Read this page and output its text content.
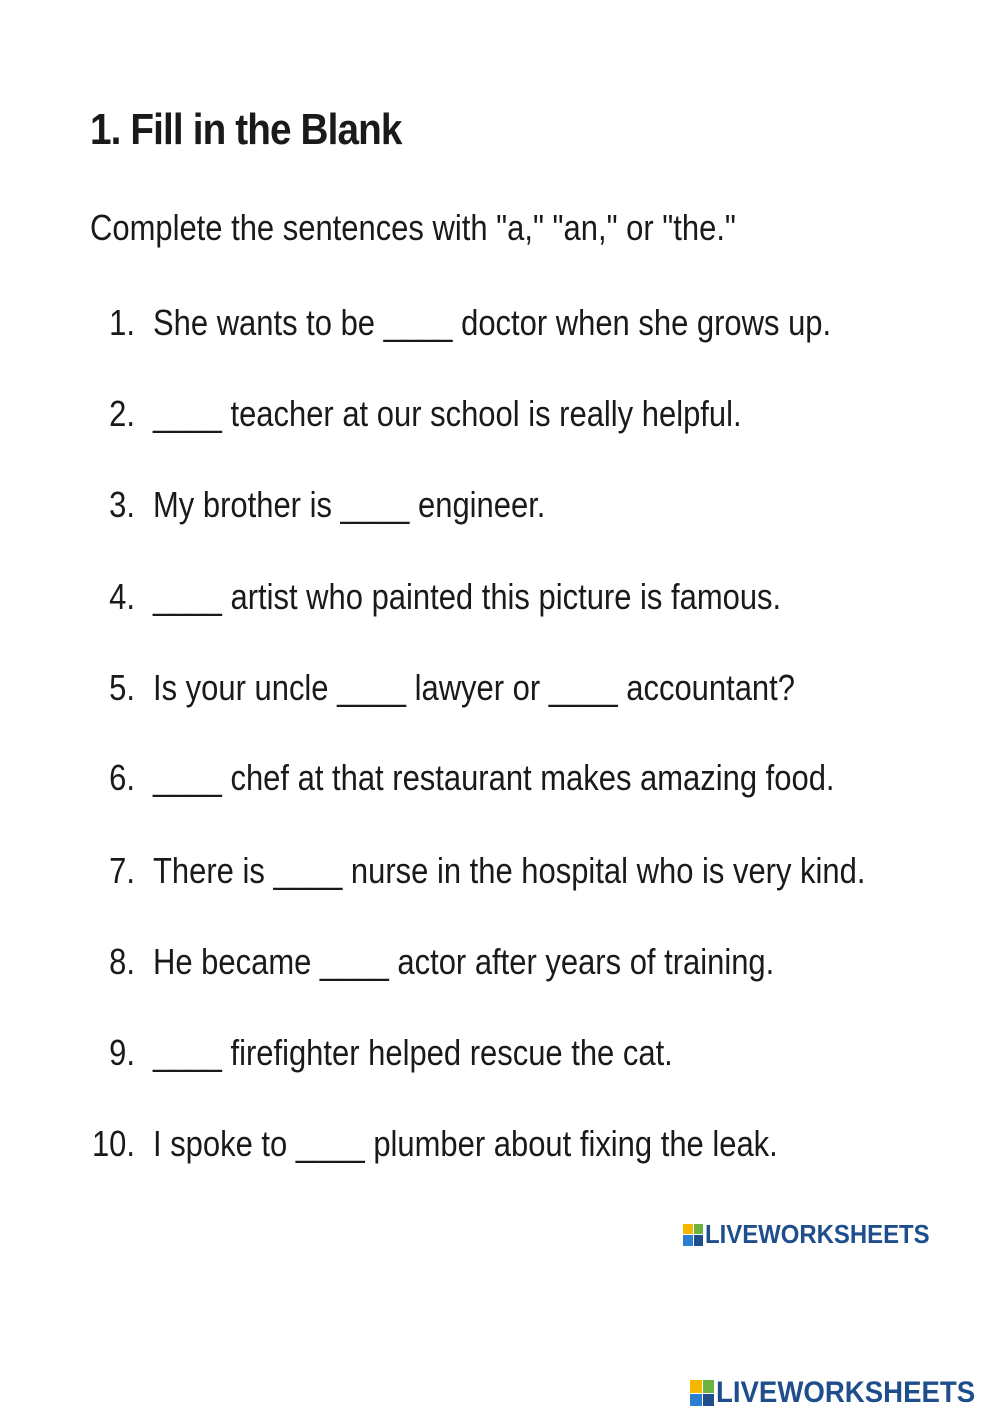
1. Fill in the Blank
Complete the sentences with "a," "an," or "the."
1. She wants to be ____ doctor when she grows up.
2. ____ teacher at our school is really helpful.
3. My brother is ____ engineer.
4. ____ artist who painted this picture is famous.
5. Is your uncle ____ lawyer or ____ accountant?
6. ____ chef at that restaurant makes amazing food.
7. There is ____ nurse in the hospital who is very kind.
8. He became ____ actor after years of training.
9. ____ firefighter helped rescue the cat.
10. I spoke to ____ plumber about fixing the leak.
LIVEWORKSHEETS
LIVEWORKSHEETS
